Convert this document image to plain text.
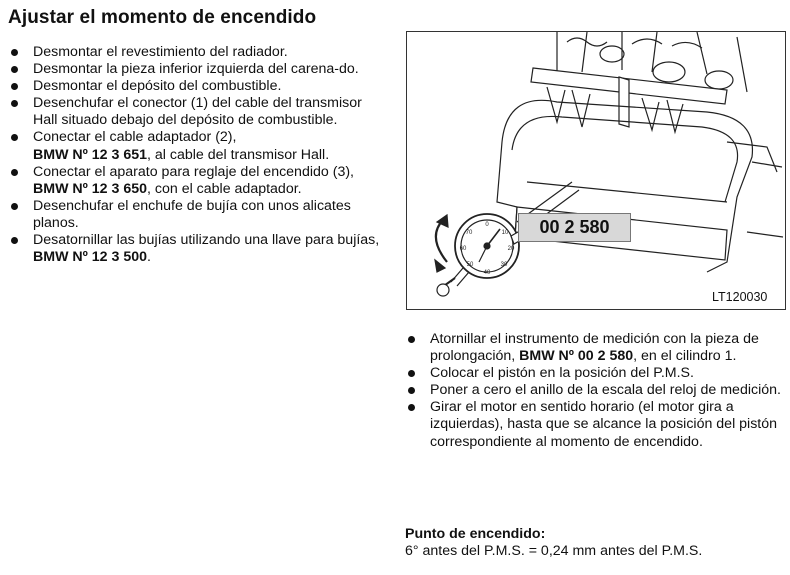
Ajustar el momento de encendido
Desmontar el revestimiento del radiador.
Desmontar la pieza inferior izquierda del carena-do.
Desmontar el depósito del combustible.
Desenchufar el conector (1) del cable del transmisor Hall situado debajo del depósito de combustible.
Conectar el cable adaptador (2),
BMW Nº 12 3 651, al cable del transmisor Hall.
Conectar el aparato para reglaje del encendido (3), BMW Nº 12 3 650, con el cable adaptador.
Desenchufar el enchufe de bujía con unos alicates planos.
Desatornillar las bujías utilizando una llave para bujías, BMW Nº 12 3 500.
0
10
20
30
40
50
60
70	00 2 580
LT120030
Atornillar el instrumento de medición con la pieza de prolongación, BMW Nº 00 2 580, en el cilindro 1.
Colocar el pistón en la posición del P.M.S.
Poner a cero el anillo de la escala del reloj de medición.
Girar el motor en sentido horario (el motor gira a izquierdas), hasta que se alcance la posición del pistón correspondiente al momento de encendido.
Punto de encendido:
6° antes del P.M.S. = 0,24 mm antes del P.M.S.
